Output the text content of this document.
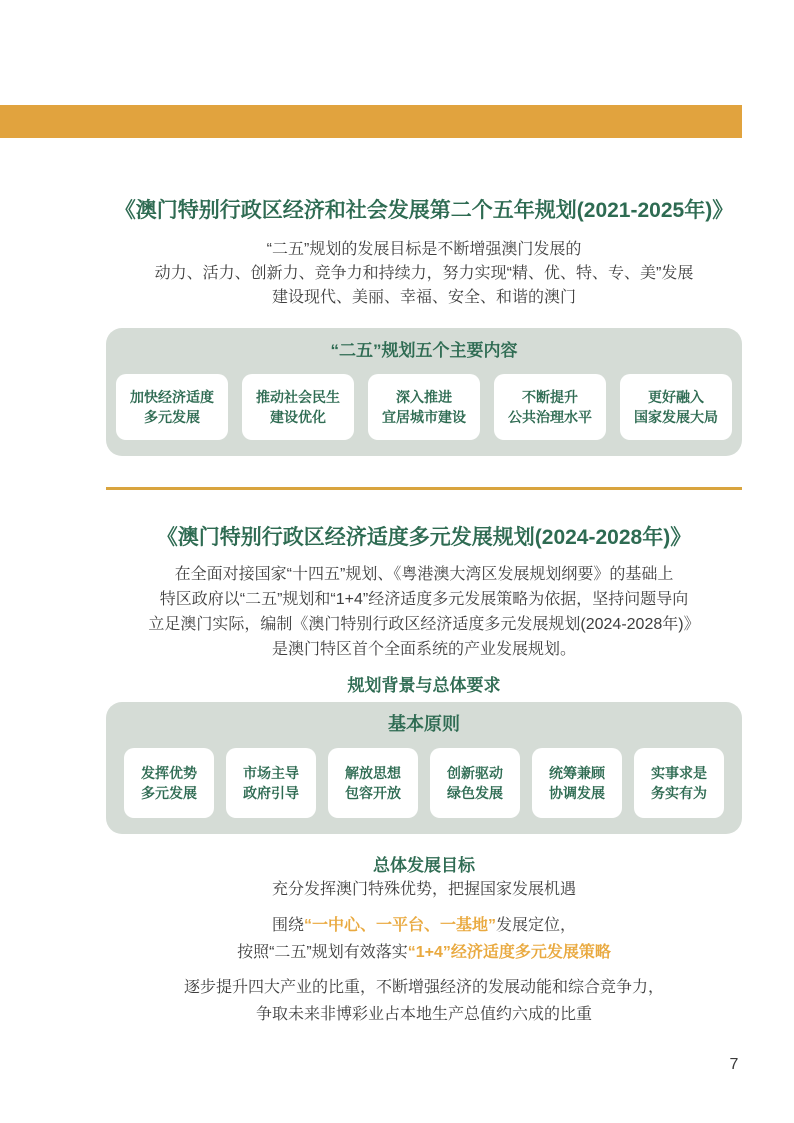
《澳门特别行政区经济和社会发展第二个五年规划(2021-2025年)》
“二五”规划的发展目标是不断增强澳门发展的
动力、活力、创新力、竞争力和持续力，努力实现“精、优、特、专、美”发展
建设现代、美丽、幸福、安全、和谐的澳门
“二五”规划五个主要内容
加快经济适度
多元发展
推动社会民生
建设优化
深入推进
宜居城市建设
不断提升
公共治理水平
更好融入
国家发展大局
《澳门特别行政区经济适度多元发展规划(2024-2028年)》
在全面对接国家“十四五”规划、《粤港澳大湾区发展规划纲要》的基础上
特区政府以“二五”规划和“1+4”经济适度多元发展策略为依据，坚持问题导向
立足澳门实际，编制《澳门特别行政区经济适度多元发展规划(2024-2028年)》
是澳门特区首个全面系统的产业发展规划。
规划背景与总体要求
基本原则
发挥优势
多元发展
市场主导
政府引导
解放思想
包容开放
创新驱动
绿色发展
统筹兼顾
协调发展
实事求是
务实有为
总体发展目标
充分发挥澳门特殊优势，把握国家发展机遇
围绕“一中心、一平台、一基地”发展定位，
按照“二五”规划有效落实“1+4”经济适度多元发展策略
逐步提升四大产业的比重，不断增强经济的发展动能和综合竞争力，
争取未来非博彩业占本地生产总值约六成的比重
7
